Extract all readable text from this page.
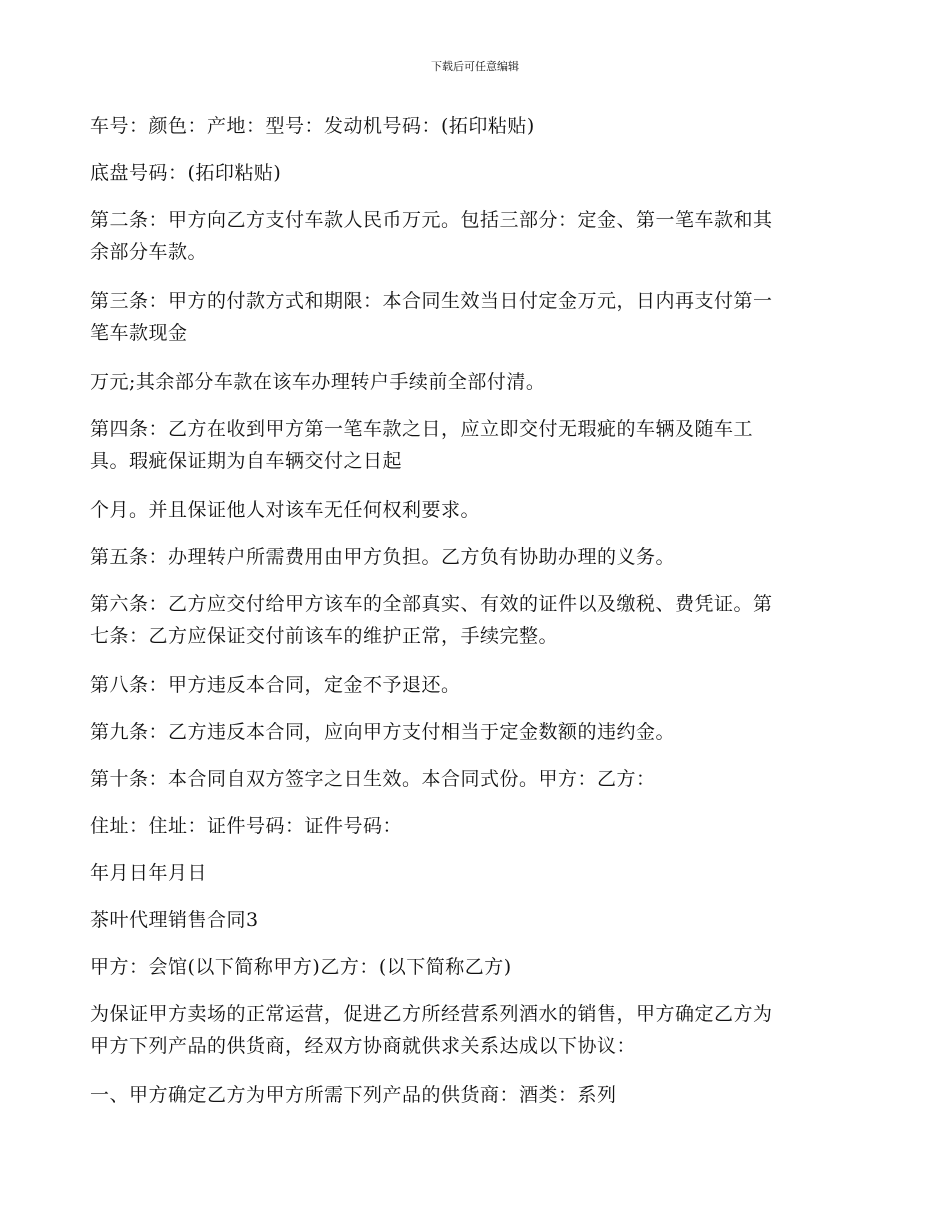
下载后可任意编辑
车号：颜色：产地：型号：发动机号码：(拓印粘贴)
底盘号码：(拓印粘贴)
第二条：甲方向乙方支付车款人民币万元。包括三部分：定金、第一笔车款和其
余部分车款。
第三条：甲方的付款方式和期限：本合同生效当日付定金万元，日内再支付第一
笔车款现金
万元;其余部分车款在该车办理转户手续前全部付清。
第四条：乙方在收到甲方第一笔车款之日，应立即交付无瑕疵的车辆及随车工
具。瑕疵保证期为自车辆交付之日起
个月。并且保证他人对该车无任何权利要求。
第五条：办理转户所需费用由甲方负担。乙方负有协助办理的义务。
第六条：乙方应交付给甲方该车的全部真实、有效的证件以及缴税、费凭证。第
七条：乙方应保证交付前该车的维护正常，手续完整。
第八条：甲方违反本合同，定金不予退还。
第九条：乙方违反本合同，应向甲方支付相当于定金数额的违约金。
第十条：本合同自双方签字之日生效。本合同式份。甲方：乙方：
住址：住址：证件号码：证件号码：
年月日年月日
茶叶代理销售合同3
甲方：会馆(以下简称甲方)乙方：(以下简称乙方)
为保证甲方卖场的正常运营，促进乙方所经营系列酒水的销售，甲方确定乙方为
甲方下列产品的供货商，经双方协商就供求关系达成以下协议：
一、甲方确定乙方为甲方所需下列产品的供货商：酒类：系列
